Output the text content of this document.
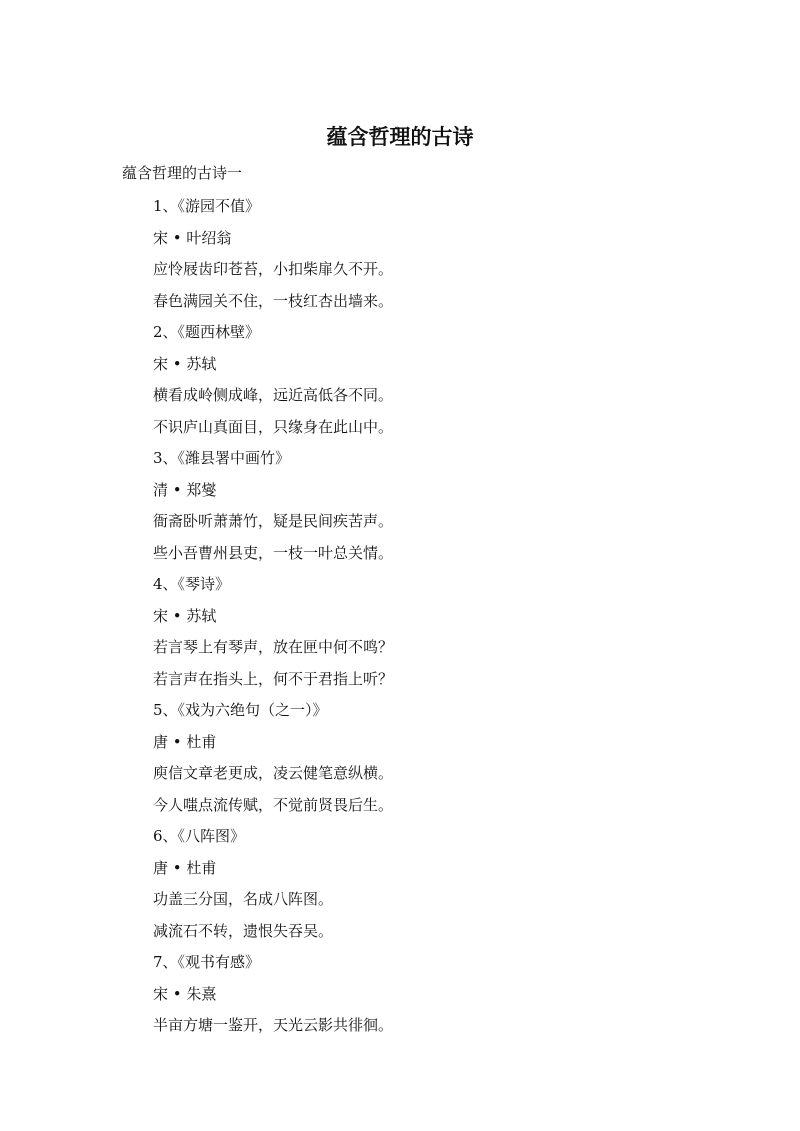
蕴含哲理的古诗

蕴含哲理的古诗一

1、《游园不值》
宋 • 叶绍翁
应怜屐齿印苍苔，小扣柴扉久不开。
春色满园关不住，一枝红杏出墙来。
2、《题西林壁》
宋 • 苏轼
横看成岭侧成峰，远近高低各不同。
不识庐山真面目，只缘身在此山中。
3、《潍县署中画竹》
清 • 郑燮
衙斋卧听萧萧竹，疑是民间疾苦声。
些小吾曹州县吏，一枝一叶总关情。
4、《琴诗》
宋 • 苏轼
若言琴上有琴声，放在匣中何不鸣？
若言声在指头上，何不于君指上听？
5、《戏为六绝句（之一）》
唐 • 杜甫
庾信文章老更成，凌云健笔意纵横。
今人嗤点流传赋，不觉前贤畏后生。
6、《八阵图》
唐 • 杜甫
功盖三分国，名成八阵图。
减流石不转，遗恨失吞吴。
7、《观书有感》
宋 • 朱熹
半亩方塘一鉴开，天光云影共徘徊。
